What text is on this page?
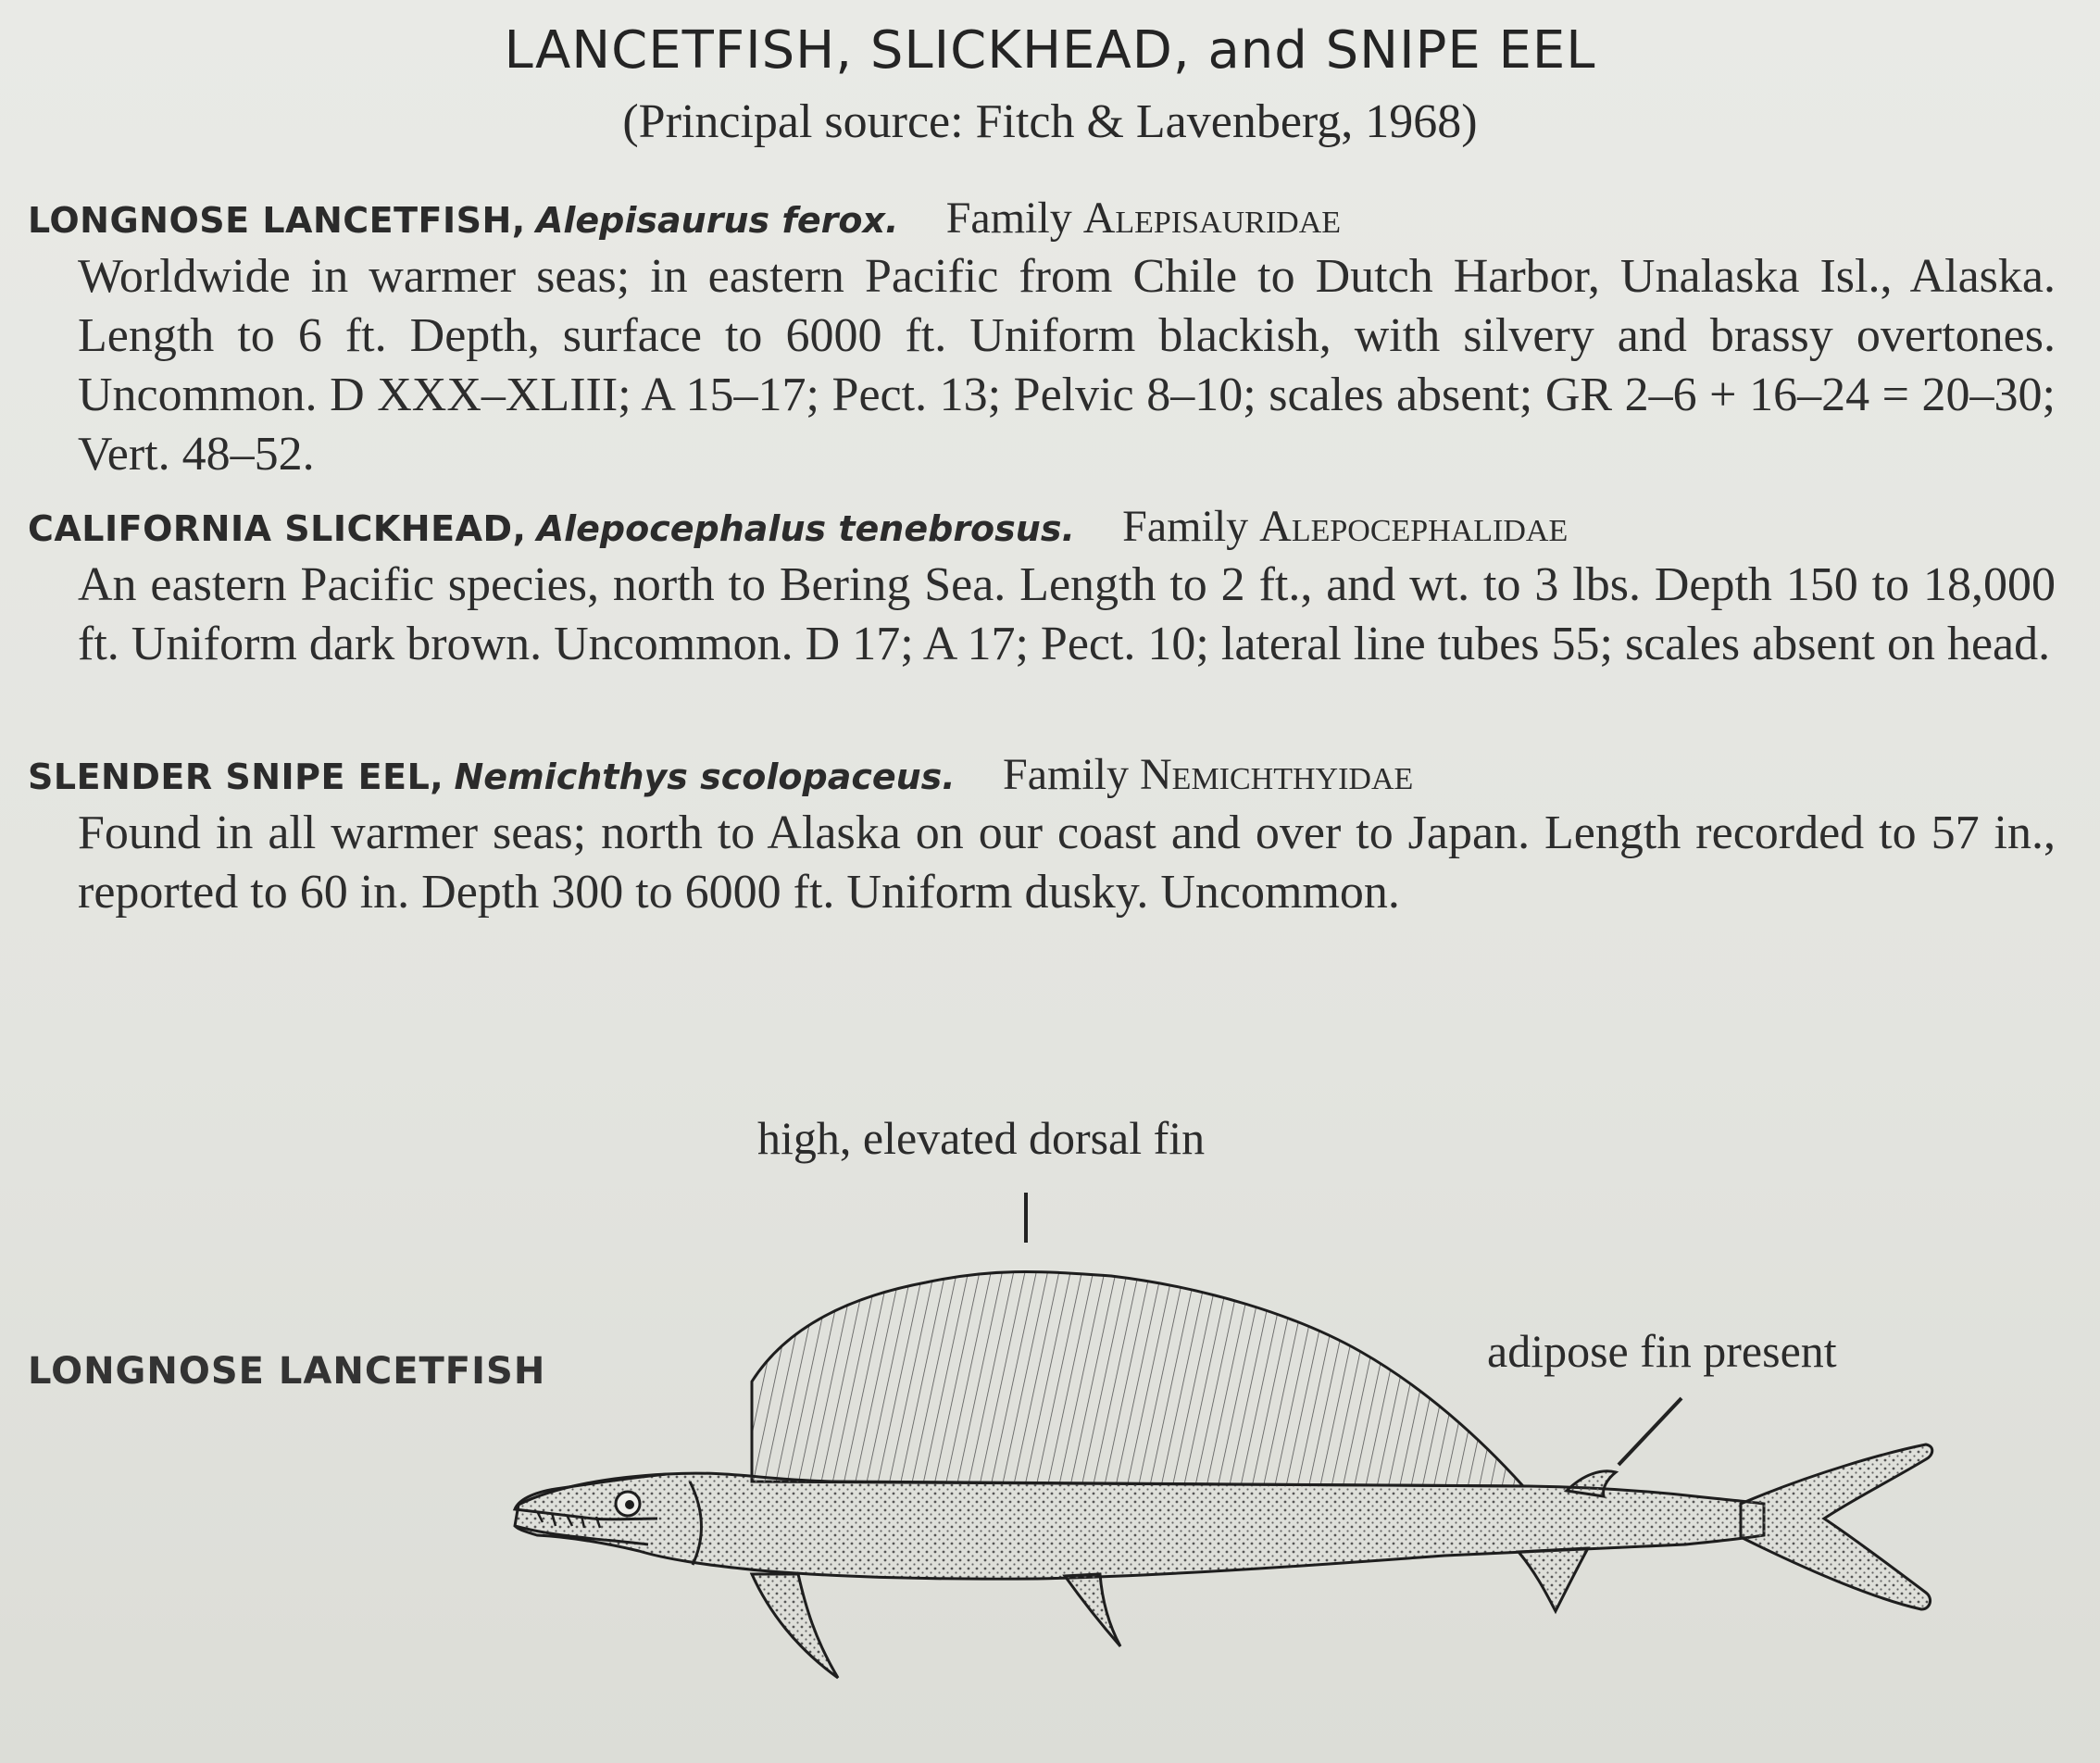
LANCETFISH, SLICKHEAD, and SNIPE EEL
(Principal source: Fitch & Lavenberg, 1968)
LONGNOSE LANCETFISH, Alepisaurus ferox. Family Alepisauridae
Worldwide in warmer seas; in eastern Pacific from Chile to Dutch Harbor, Unalaska Isl., Alaska. Length to 6 ft. Depth, surface to 6000 ft. Uniform blackish, with silvery and brassy overtones. Uncommon. D XXX–XLIII; A 15–17; Pect. 13; Pelvic 8–10; scales absent; GR 2–6 + 16–24 = 20–30; Vert. 48–52.
CALIFORNIA SLICKHEAD, Alepocephalus tenebrosus. Family Alepocephalidae
An eastern Pacific species, north to Bering Sea. Length to 2 ft., and wt. to 3 lbs. Depth 150 to 18,000 ft. Uniform dark brown. Uncommon. D 17; A 17; Pect. 10; lateral line tubes 55; scales absent on head.
SLENDER SNIPE EEL, Nemichthys scolopaceus. Family Nemichthyidae
Found in all warmer seas; north to Alaska on our coast and over to Japan. Length recorded to 57 in., reported to 60 in. Depth 300 to 6000 ft. Uniform dusky. Uncommon.
LONGNOSE LANCETFISH
high, elevated dorsal fin
adipose fin present
